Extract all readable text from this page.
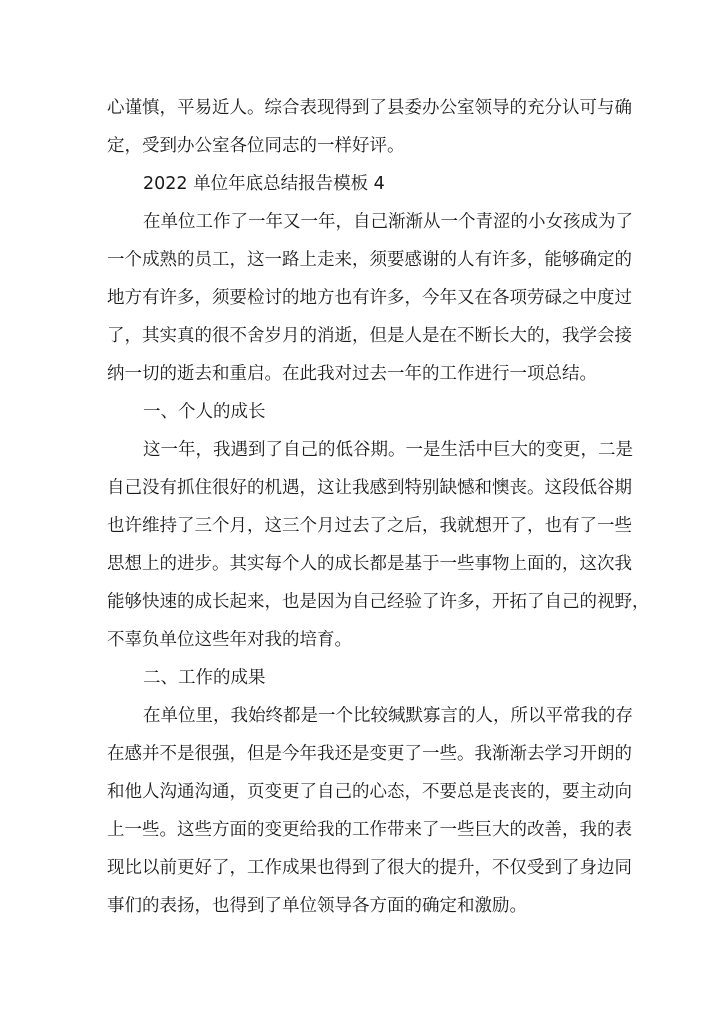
心谨慎，平易近人。综合表现得到了县委办公室领导的充分认可与确
定，受到办公室各位同志的一样好评。
2022 单位年底总结报告模板 4
在单位工作了一年又一年，自己渐渐从一个青涩的小女孩成为了
一个成熟的员工，这一路上走来，须要感谢的人有许多，能够确定的
地方有许多，须要检讨的地方也有许多，今年又在各项劳碌之中度过
了，其实真的很不舍岁月的消逝，但是人是在不断长大的，我学会接
纳一切的逝去和重启。在此我对过去一年的工作进行一项总结。
一、个人的成长
这一年，我遇到了自己的低谷期。一是生活中巨大的变更，二是
自己没有抓住很好的机遇，这让我感到特别缺憾和懊丧。这段低谷期
也许维持了三个月，这三个月过去了之后，我就想开了，也有了一些
思想上的进步。其实每个人的成长都是基于一些事物上面的，这次我
能够快速的成长起来，也是因为自己经验了许多，开拓了自己的视野，
不辜负单位这些年对我的培育。
二、工作的成果
在单位里，我始终都是一个比较缄默寡言的人，所以平常我的存
在感并不是很强，但是今年我还是变更了一些。我渐渐去学习开朗的
和他人沟通沟通，页变更了自己的心态，不要总是丧丧的，要主动向
上一些。这些方面的变更给我的工作带来了一些巨大的改善，我的表
现比以前更好了，工作成果也得到了很大的提升，不仅受到了身边同
事们的表扬，也得到了单位领导各方面的确定和激励。
